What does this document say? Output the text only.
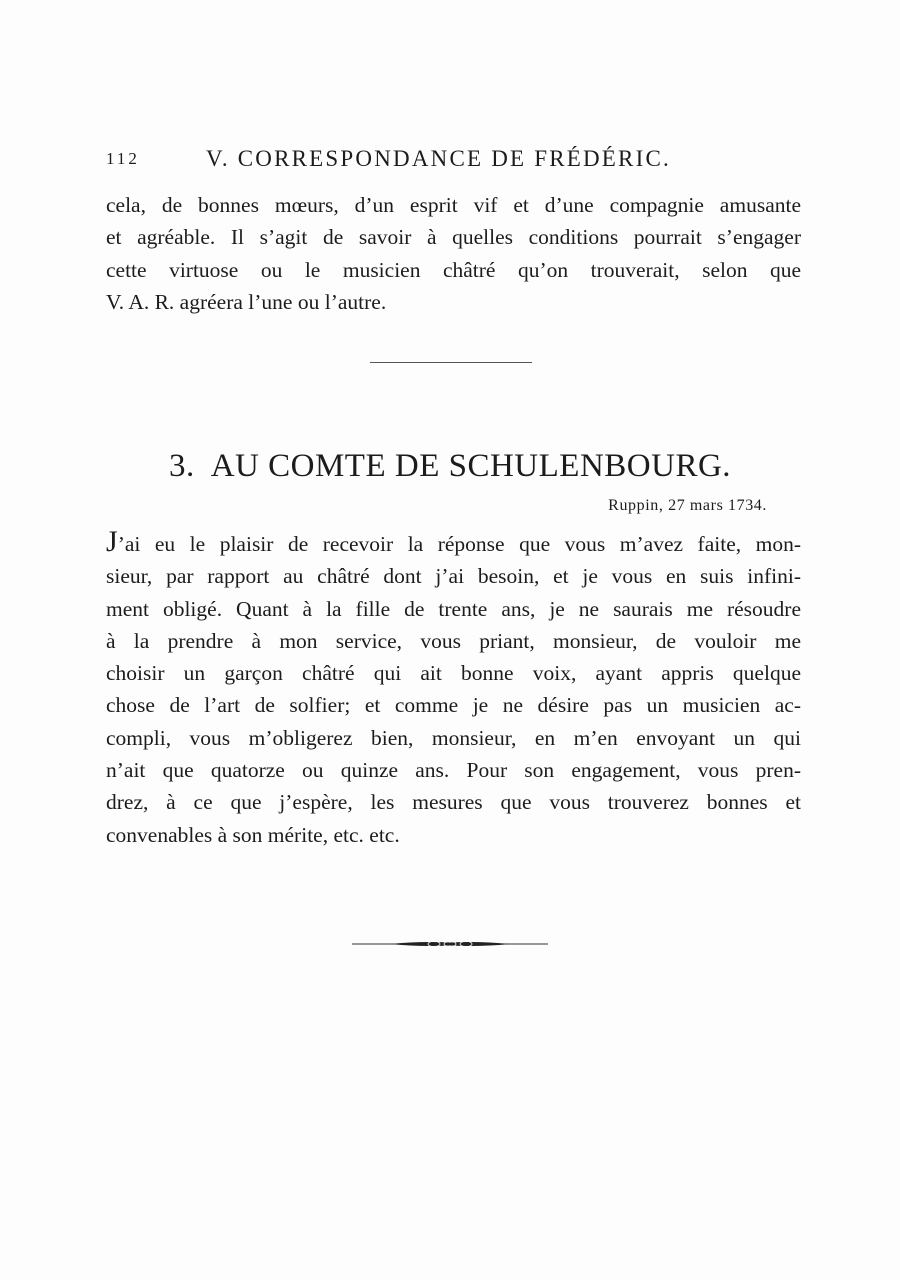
112	V. CORRESPONDANCE DE FRÉDÉRIC.
cela, de bonnes mœurs, d’un esprit vif et d’une compagnie amusante
et agréable. Il s’agit de savoir à quelles conditions pourrait s’engager
cette virtuose ou le musicien châtré qu’on trouverait, selon que
V. A. R. agréera l’une ou l’autre.
3. AU COMTE DE SCHULENBOURG.
Ruppin, 27 mars 1734.
J’ai eu le plaisir de recevoir la réponse que vous m’avez faite, mon-
sieur, par rapport au châtré dont j’ai besoin, et je vous en suis infini-
ment obligé. Quant à la fille de trente ans, je ne saurais me résoudre
à la prendre à mon service, vous priant, monsieur, de vouloir me
choisir un garçon châtré qui ait bonne voix, ayant appris quelque
chose de l’art de solfier; et comme je ne désire pas un musicien ac-
compli, vous m’obligerez bien, monsieur, en m’en envoyant un qui
n’ait que quatorze ou quinze ans. Pour son engagement, vous pren-
drez, à ce que j’espère, les mesures que vous trouverez bonnes et
convenables à son mérite, etc. etc.
